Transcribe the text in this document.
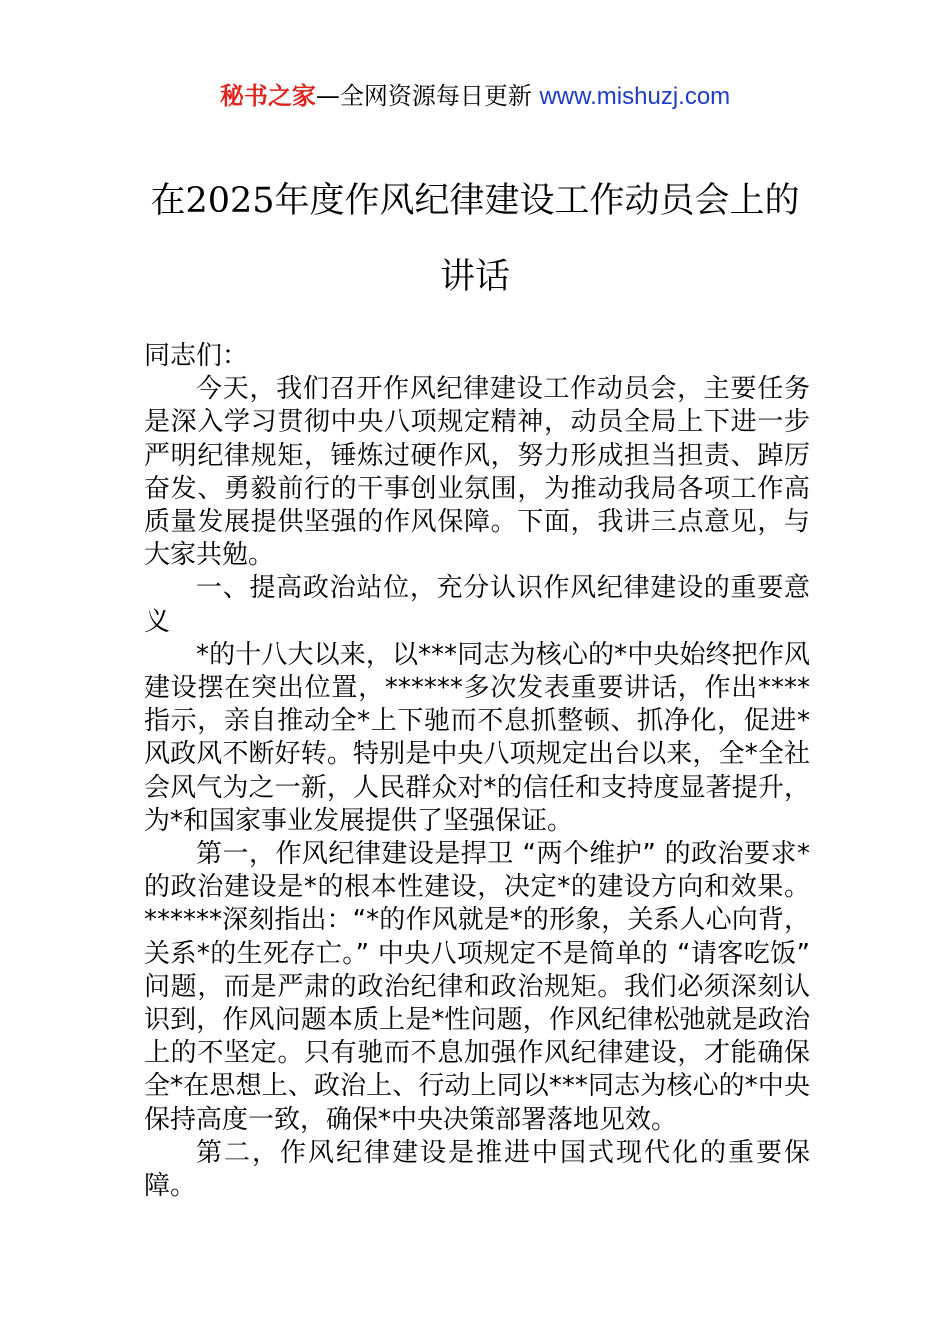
秘书之家—全网资源每日更新 www.mishuzj.com
在2025年度作风纪律建设工作动员会上的
讲话

同志们：

今天，我们召开作风纪律建设工作动员会，主要任务是深入学习贯彻中央八项规定精神，动员全局上下进一步严明纪律规矩，锤炼过硬作风，努力形成担当担责、踔厉奋发、勇毅前行的干事创业氛围，为推动我局各项工作高质量发展提供坚强的作风保障。下面，我讲三点意见，与大家共勉。

一、提高政治站位，充分认识作风纪律建设的重要意义

*的十八大以来，以***同志为核心的*中央始终把作风建设摆在突出位置，******多次发表重要讲话，作出****指示，亲自推动全*上下驰而不息抓整顿、抓净化，促进*风政风不断好转。特别是中央八项规定出台以来，全*全社会风气为之一新，人民群众对*的信任和支持度显著提升，为*和国家事业发展提供了坚强保证。

第一，作风纪律建设是捍卫 “两个维护” 的政治要求*的政治建设是*的根本性建设，决定*的建设方向和效果。******深刻指出：“*的作风就是*的形象，关系人心向背，关系*的生死存亡。” 中央八项规定不是简单的 “请客吃饭” 问题，而是严肃的政治纪律和政治规矩。我们必须深刻认识到，作风问题本质上是*性问题，作风纪律松弛就是政治上的不坚定。只有驰而不息加强作风纪律建设，才能确保全*在思想上、政治上、行动上同以***同志为核心的*中央保持高度一致，确保*中央决策部署落地见效。

第二，作风纪律建设是推进中国式现代化的重要保障。
